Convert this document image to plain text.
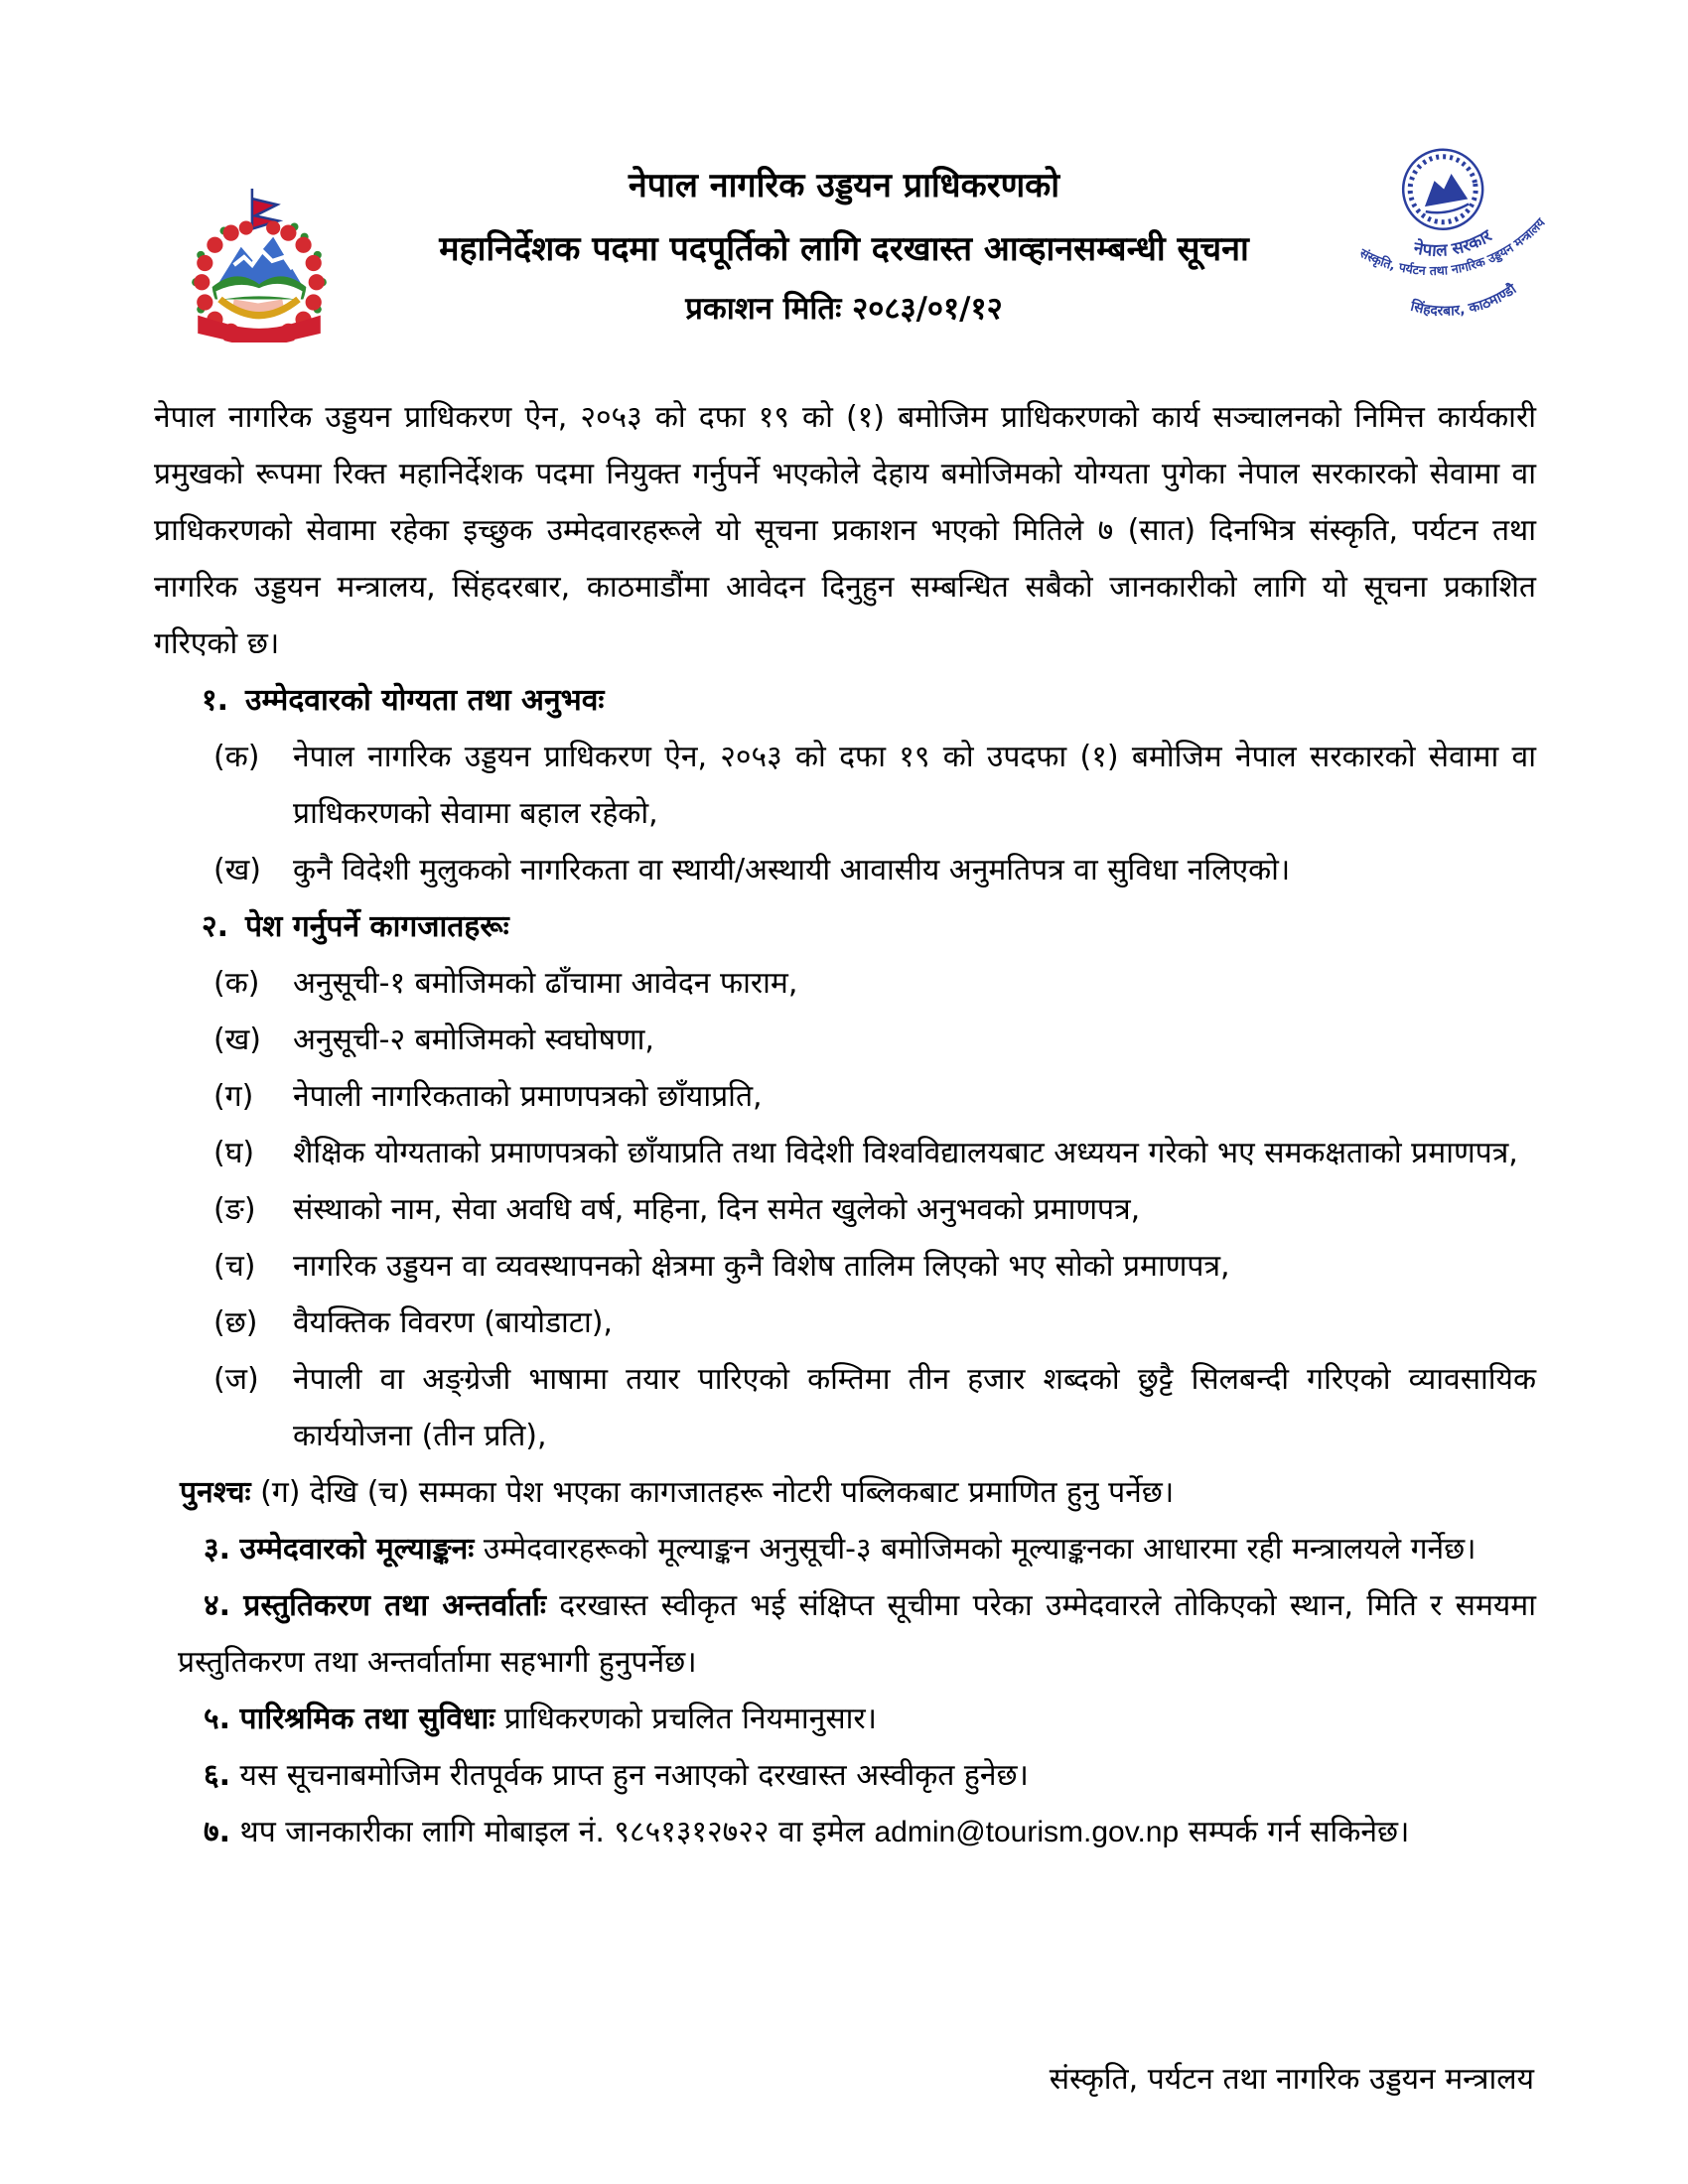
नेपाल सरकार
संस्कृति, पर्यटन तथा नागरिक उड्डयन मन्त्रालय
सिंहदरबार, काठमाण्डौ
नेपाल नागरिक उड्डयन प्राधिकरणको
महानिर्देशक पदमा पदपूर्तिको लागि दरखास्त आव्हानसम्बन्धी सूचना
प्रकाशन मितिः २०८३/०१/१२

नेपाल नागरिक उड्डयन प्राधिकरण ऐन, २०५३ को दफा १९ को (१) बमोजिम प्राधिकरणको कार्य सञ्चालनको निमित्त कार्यकारी प्रमुखको रूपमा रिक्त महानिर्देशक पदमा नियुक्त गर्नुपर्ने भएकोले देहाय बमोजिमको योग्यता पुगेका नेपाल सरकारको सेवामा वा प्राधिकरणको सेवामा रहेका इच्छुक उम्मेदवारहरूले यो सूचना प्रकाशन भएको मितिले ७ (सात) दिनभित्र संस्कृति, पर्यटन तथा नागरिक उड्डयन मन्त्रालय, सिंहदरबार, काठमाडौंमा आवेदन दिनुहुन सम्बन्धित सबैको जानकारीको लागि यो सूचना प्रकाशित गरिएको छ।

१. उम्मेदवारको योग्यता तथा अनुभवः
(क)	नेपाल नागरिक उड्डयन प्राधिकरण ऐन, २०५३ को दफा १९ को उपदफा (१) बमोजिम नेपाल सरकारको सेवामा वा प्राधिकरणको सेवामा बहाल रहेको,
(ख)	कुनै विदेशी मुलुकको नागरिकता वा स्थायी/अस्थायी आवासीय अनुमतिपत्र वा सुविधा नलिएको।
२. पेश गर्नुपर्ने कागजातहरूः
(क)	अनुसूची-१ बमोजिमको ढाँचामा आवेदन फाराम,
(ख)	अनुसूची-२ बमोजिमको स्वघोषणा,
(ग)	नेपाली नागरिकताको प्रमाणपत्रको छाँयाप्रति,
(घ)	शैक्षिक योग्यताको प्रमाणपत्रको छाँयाप्रति तथा विदेशी विश्वविद्यालयबाट अध्ययन गरेको भए समकक्षताको प्रमाणपत्र,
(ङ)	संस्थाको नाम, सेवा अवधि वर्ष, महिना, दिन समेत खुलेको अनुभवको प्रमाणपत्र,
(च)	नागरिक उड्डयन वा व्यवस्थापनको क्षेत्रमा कुनै विशेष तालिम लिएको भए सोको प्रमाणपत्र,
(छ)	वैयक्तिक विवरण (बायोडाटा),
(ज)	नेपाली वा अङ्ग्रेजी भाषामा तयार पारिएको कम्तिमा तीन हजार शब्दको छुट्टै सिलबन्दी गरिएको व्यावसायिक कार्ययोजना (तीन प्रति),
पुनश्चः (ग) देखि (च) सम्मका पेश भएका कागजातहरू नोटरी पब्लिकबाट प्रमाणित हुनु पर्नेछ।
३. उम्मेदवारको मूल्याङ्कनः उम्मेदवारहरूको मूल्याङ्कन अनुसूची-३ बमोजिमको मूल्याङ्कनका आधारमा रही मन्त्रालयले गर्नेछ।
४. प्रस्तुतिकरण तथा अन्तर्वार्ताः दरखास्त स्वीकृत भई संक्षिप्त सूचीमा परेका उम्मेदवारले तोकिएको स्थान, मिति र समयमा प्रस्तुतिकरण तथा अन्तर्वार्तामा सहभागी हुनुपर्नेछ।
५. पारिश्रमिक तथा सुविधाः प्राधिकरणको प्रचलित नियमानुसार।
६. यस सूचनाबमोजिम रीतपूर्वक प्राप्त हुन नआएको दरखास्त अस्वीकृत हुनेछ।
७. थप जानकारीका लागि मोबाइल नं. ९८५१३१२७२२ वा इमेल admin@tourism.gov.np सम्पर्क गर्न सकिनेछ।
संस्कृति, पर्यटन तथा नागरिक उड्डयन मन्त्रालय
